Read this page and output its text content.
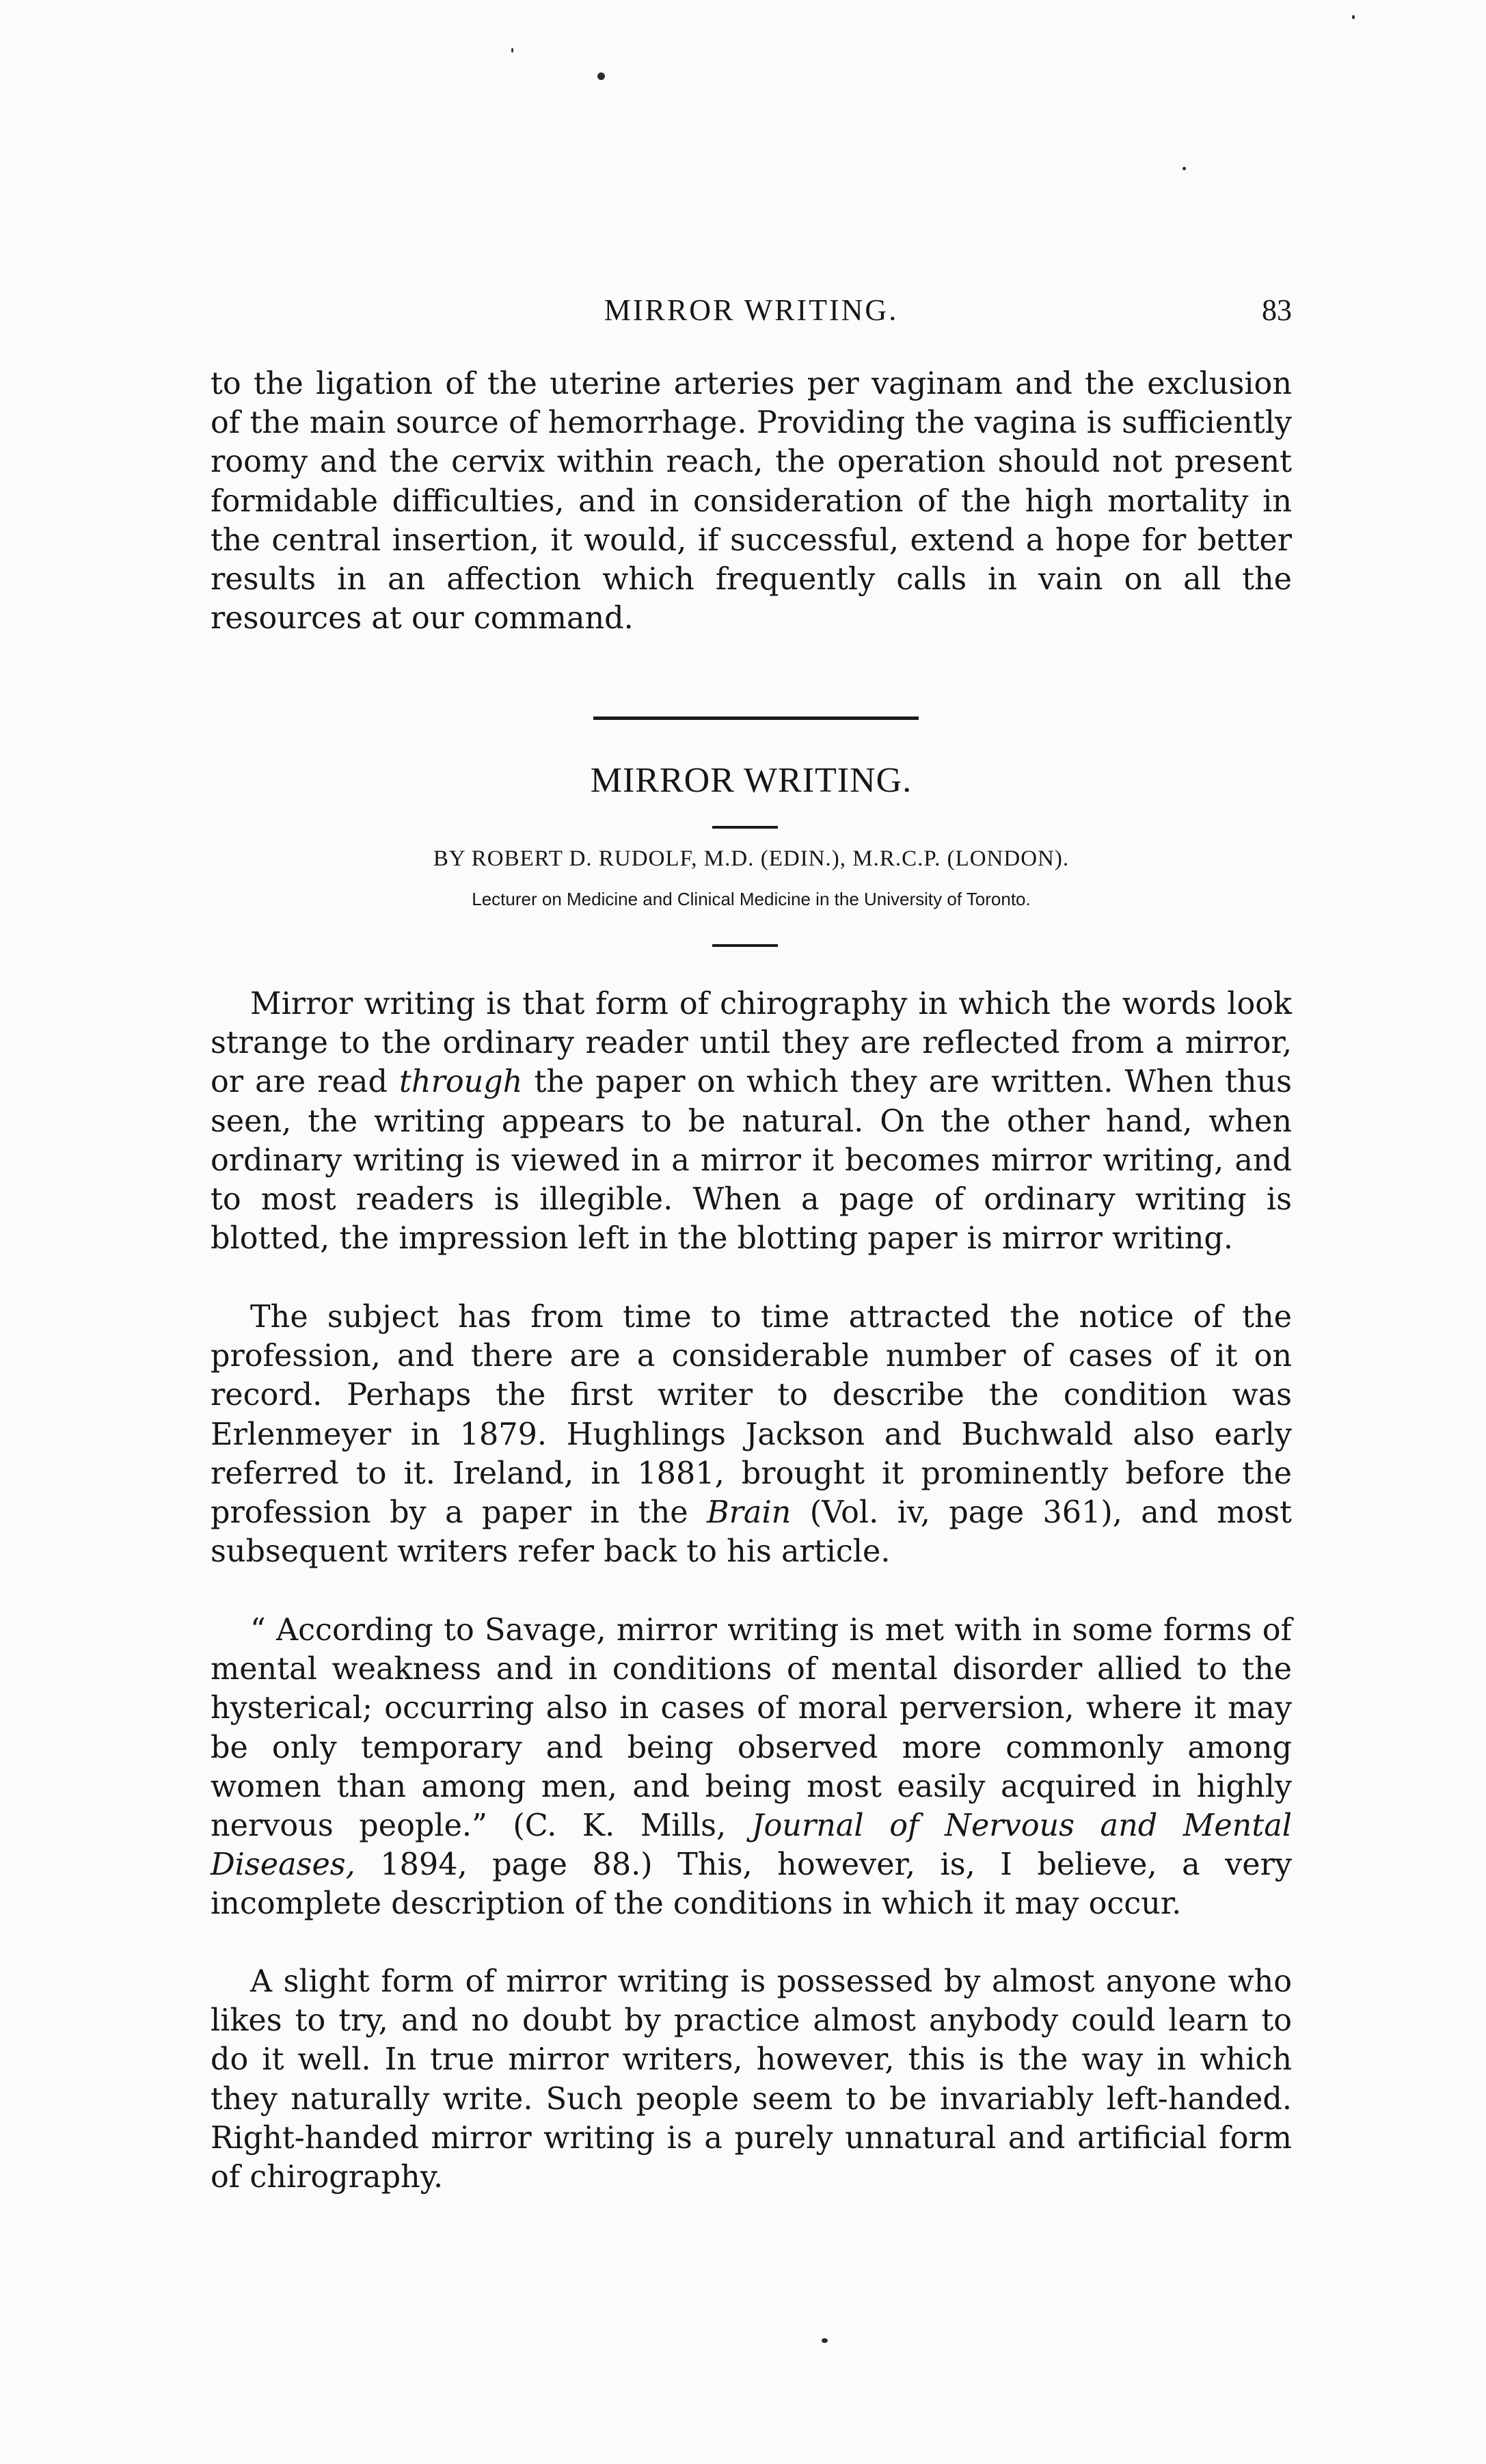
MIRROR WRITING.	83

to the ligation of the uterine arteries per vaginam and the exclusion of the main source of hemorrhage. Providing the vagina is sufficiently roomy and the cervix within reach, the operation should not present formidable difficulties, and in consideration of the high mortality in the central insertion, it would, if successful, extend a hope for better results in an affection which frequently calls in vain on all the resources at our command.

MIRROR WRITING.
BY ROBERT D. RUDOLF, M.D. (EDIN.), M.R.C.P. (LONDON).
Lecturer on Medicine and Clinical Medicine in the University of Toronto.

Mirror writing is that form of chirography in which the words look strange to the ordinary reader until they are reflected from a mirror, or are read through the paper on which they are written. When thus seen, the writing appears to be natural. On the other hand, when ordinary writing is viewed in a mirror it becomes mirror writing, and to most readers is illegible. When a page of ordinary writing is blotted, the impression left in the blotting paper is mirror writing.

The subject has from time to time attracted the notice of the profession, and there are a considerable number of cases of it on record. Perhaps the first writer to describe the condition was Erlenmeyer in 1879. Hughlings Jackson and Buchwald also early referred to it. Ireland, in 1881, brought it prominently before the profession by a paper in the Brain (Vol. iv, page 361), and most subsequent writers refer back to his article.

“ According to Savage, mirror writing is met with in some forms of mental weakness and in conditions of mental disorder allied to the hysterical; occurring also in cases of moral perversion, where it may be only temporary and being observed more commonly among women than among men, and being most easily acquired in highly nervous people.” (C. K. Mills, Journal of Nervous and Mental Diseases, 1894, page 88.) This, however, is, I believe, a very incomplete description of the conditions in which it may occur.

A slight form of mirror writing is possessed by almost anyone who likes to try, and no doubt by practice almost anybody could learn to do it well. In true mirror writers, however, this is the way in which they naturally write. Such people seem to be invariably left-handed. Right-handed mirror writing is a purely unnatural and artificial form of chirography.
